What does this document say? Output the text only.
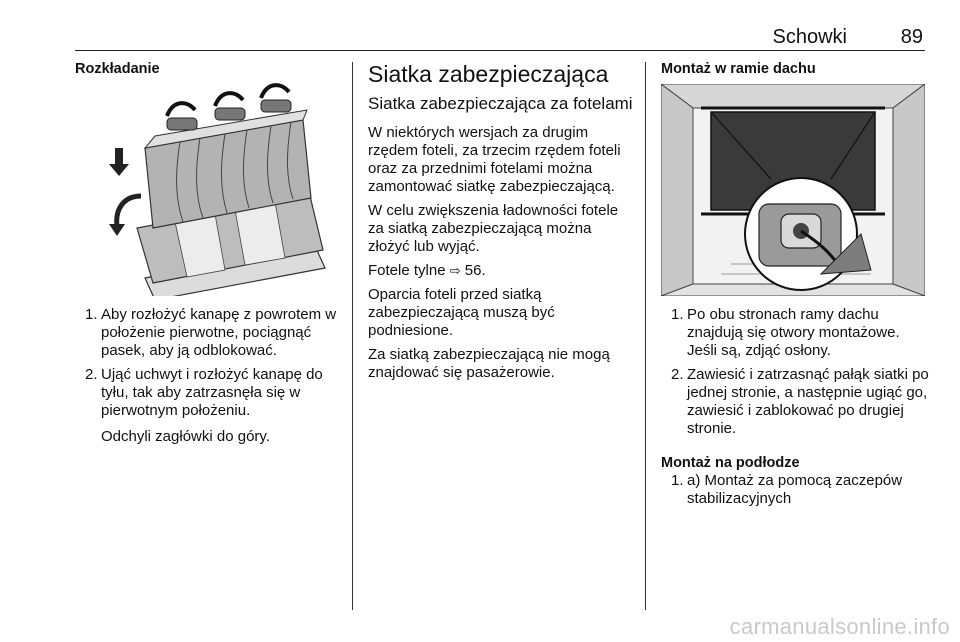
Schowki	89
Rozkładanie
1. Aby rozłożyć kanapę z powrotem w położenie pierwotne, pociągnąć pasek, aby ją odblokować.
2. Ująć uchwyt i rozłożyć kanapę do tyłu, tak aby zatrzasnęła się w pierwotnym położeniu.
Odchyli zagłówki do góry.
Siatka zabezpieczająca
Siatka zabezpieczająca za fotelami

W niektórych wersjach za drugim rzędem foteli, za trzecim rzędem foteli oraz za przednimi fotelami można zamontować siatkę zabezpieczającą.

W celu zwiększenia ładowności fotele za siatką zabezpieczającą można złożyć lub wyjąć.

Fotele tylne ⇨ 56.

Oparcia foteli przed siatką zabezpieczającą muszą być podniesione.

Za siatką zabezpieczającą nie mogą znajdować się pasażerowie.

Montaż w ramie dachu
1. Po obu stronach ramy dachu znajdują się otwory montażowe. Jeśli są, zdjąć osłony.
2. Zawiesić i zatrzasnąć pałąk siatki po jednej stronie, a następnie ugiąć go, zawiesić i zablokować po drugiej stronie.
Montaż na podłodze
1. a) Montaż za pomocą zaczepów stabilizacyjnych
carmanualsonline.info
